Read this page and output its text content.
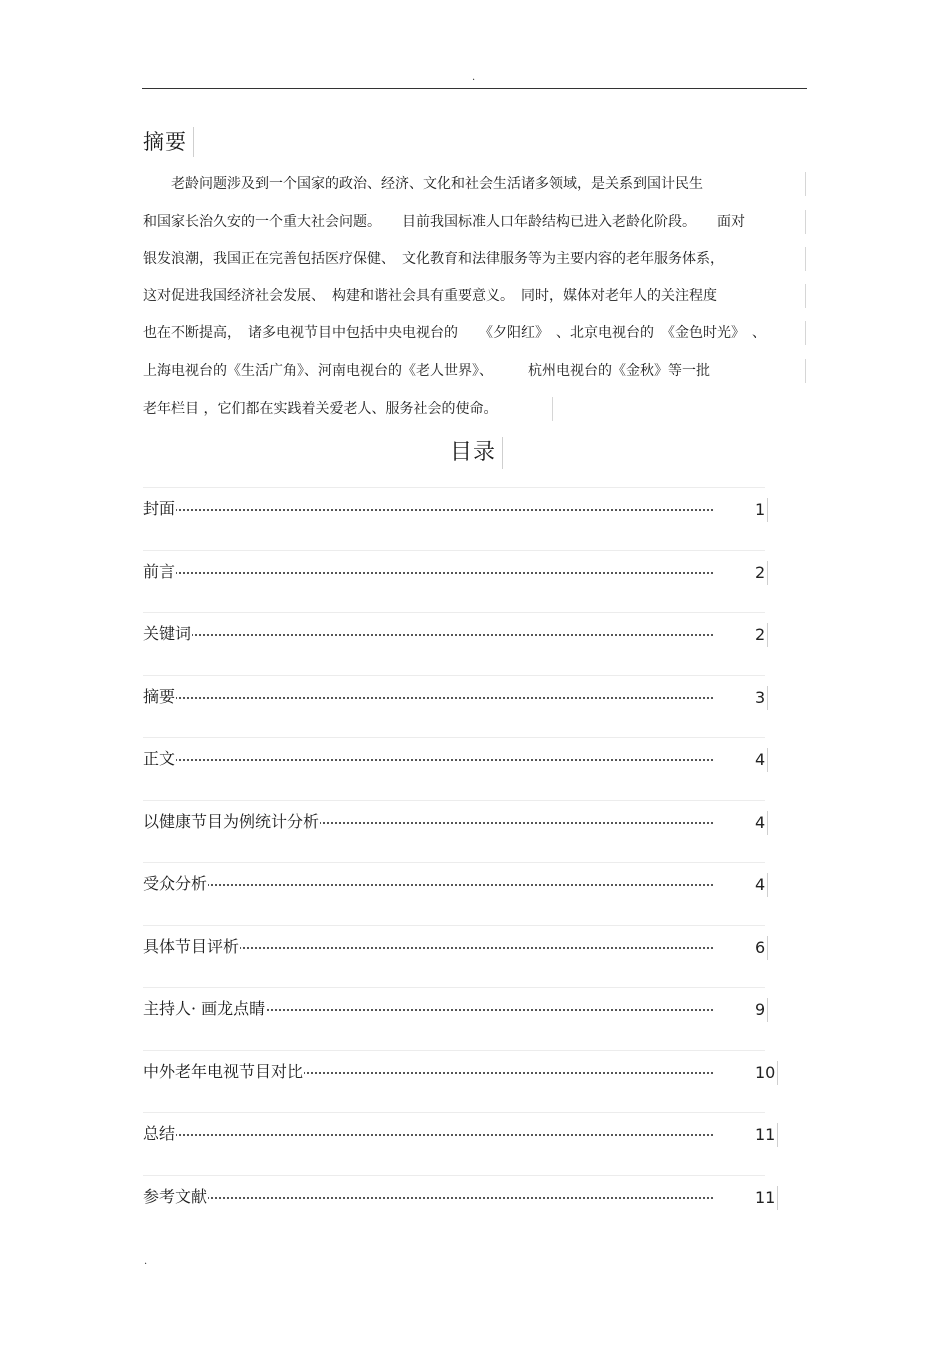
.
摘要
老龄问题涉及到一个国家的政治、经济、文化和社会生活诸多领域，是关系到国计民生
和国家长治久安的一个重大社会问题。　　目前我国标准人口年龄结构已进入老龄化阶段。　　面对
银发浪潮，我国正在完善包括医疗保健、　文化教育和法律服务等为主要内容的老年服务体系，
这对促进我国经济社会发展、　构建和谐社会具有重要意义。　同时，媒体对老年人的关注程度
也在不断提高，　诸多电视节目中包括中央电视台的　　《夕阳红》　、北京电视台的　《金色时光》　、
上海电视台的《生活广角》、河南电视台的《老人世界》、　　　杭州电视台的《金秋》等一批
老年栏目 ，它们都在实践着关爱老人、服务社会的使命。
目录
封面	1
前言	2
关键词	2
摘要	3
正文	4
以健康节目为例统计分析	4
受众分析	4
具体节目评析	6
主持人· 画龙点睛	9
中外老年电视节目对比	10
总结	11
参考文献	11
.
